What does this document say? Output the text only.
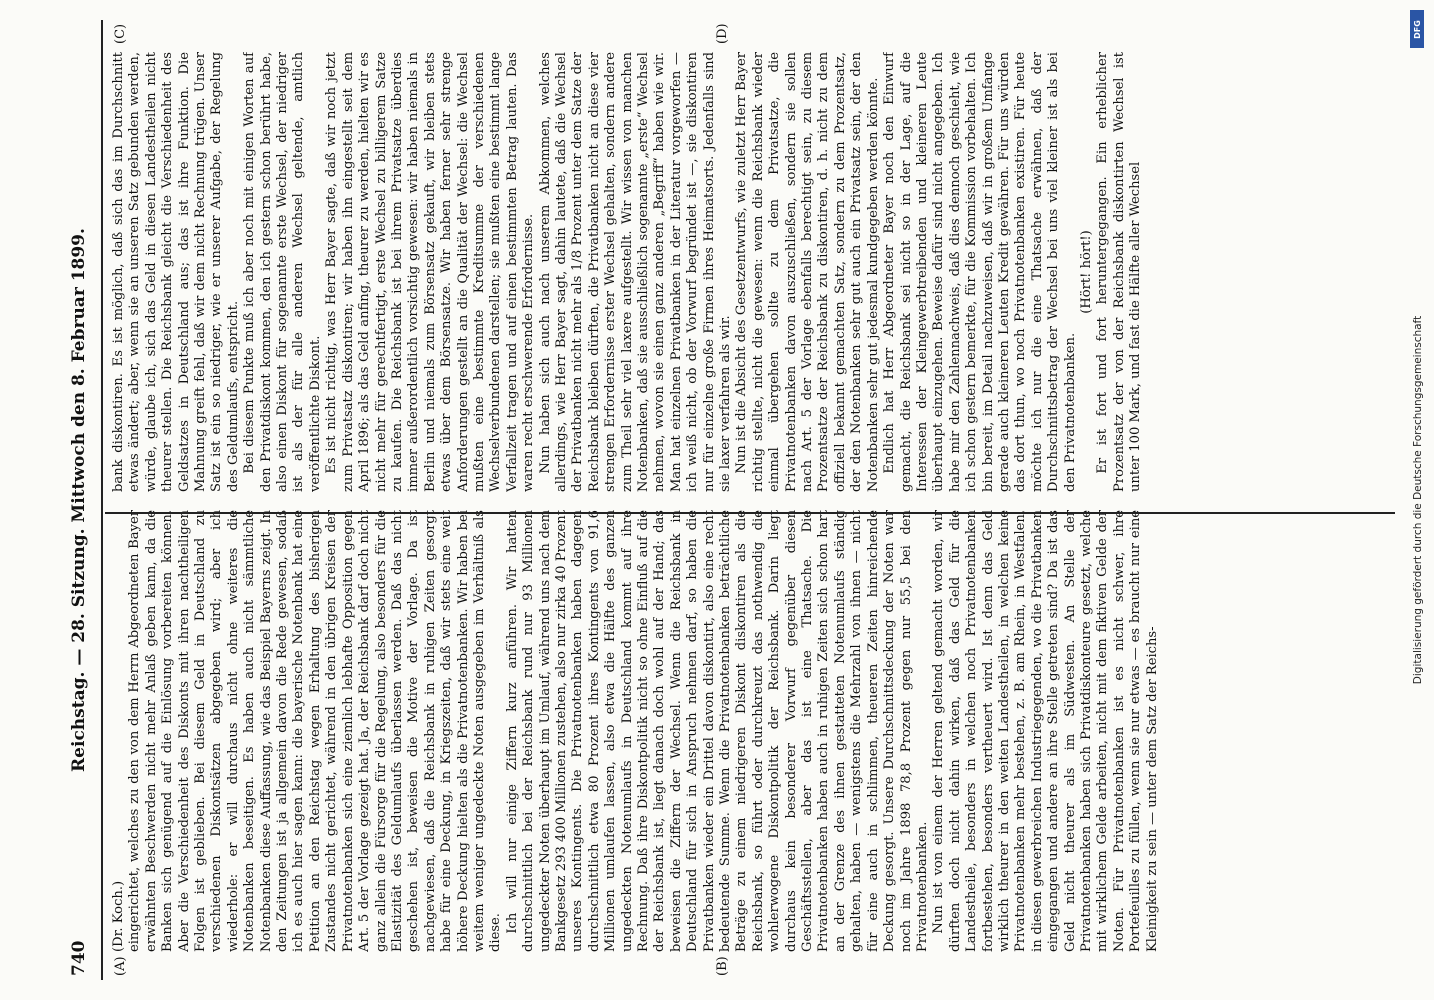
740
Reichstag. — 28. Sitzung. Mittwoch den 8. Februar 1899.
(A)	(B)
(C)	(D)

(Dr. Koch.) eingerichtet, welches zu den von dem Herrn Abgeordneten Bayer erwähnten Beschwerden nicht mehr Anlaß geben kann, da die Banken sich genügend auf die Einlösung vorbereiten können. Aber die Verschiedenheit des Diskonts mit ihren nachtheiligen Folgen ist geblieben. Bei diesem Geld in Deutschland zu verschiedenen Diskontsätzen abgegeben wird; aber ich wiederhole: er will durchaus nicht ohne weiteres die Notenbanken beseitigen. Es haben auch nicht sämmtliche Notenbanken diese Auffassung, wie das Beispiel Bayerns zeigt. In den Zeitungen ist ja allgemein davon die Rede gewesen, sodaß ich es auch hier sagen kann: die bayerische Notenbank hat eine Petition an den Reichstag wegen Erhaltung des bisherigen Zustandes nicht gerichtet, während in den übrigen Kreisen der Privatnotenbanken sich eine ziemlich lebhafte Opposition gegen Art. 5 der Vorlage gezeigt hat. Ja, der Reichsbank darf doch nicht ganz allein die Fürsorge für die Regelung, also besonders für die Elastizität des Geldumlaufs überlassen werden. Daß das nicht geschehen ist, beweisen die Motive der Vorlage. Da ist nachgewiesen, daß die Reichsbank in ruhigen Zeiten gesorgt habe für eine Deckung, in Kriegszeiten, daß wir stets eine weit höhere Deckung hielten als die Privatnotenbanken. Wir haben bei weitem weniger ungedeckte Noten ausgegeben im Verhältniß als diese. Ich will nur einige Ziffern kurz anführen. Wir hatten durchschnittlich bei der Reichsbank rund nur 93 Millionen ungedeckter Noten überhaupt im Umlauf, während uns nach dem Bankgesetz 293 400 Millionen zustehen, also nur zirka 40 Prozent unseres Kontingents. Die Privatnotenbanken haben dagegen durchschnittlich etwa 80 Prozent ihres Kontingents von 91,6 Millionen umlaufen lassen, also etwa die Hälfte des ganzen ungedeckten Notenumlaufs in Deutschland kommt auf ihre Rechnung. Daß ihre Diskontpolitik nicht so ohne Einfluß auf die der Reichsbank ist, liegt danach doch wohl auf der Hand; das beweisen die Ziffern der Wechsel. Wenn die Reichsbank in Deutschland für sich in Anspruch nehmen darf, so haben die Privatbanken wieder ein Drittel davon diskontirt, also eine recht bedeutende Summe. Wenn die Privatnotenbanken beträchtliche Beträge zu einem niedrigeren Diskont diskontiren als die Reichsbank, so führt oder durchkreuzt das nothwendig die wohlerwogene Diskontpolitik der Reichsbank. Darin liegt durchaus kein besonderer Vorwurf gegenüber diesen Geschäftsstellen, aber das ist eine Thatsache. Die Privatnotenbanken haben auch in ruhigen Zeiten sich schon hart an der Grenze des ihnen gestatteten Notenumlaufs ständig gehalten, haben — wenigstens die Mehrzahl von ihnen — nicht für eine auch in schlimmen, theueren Zeiten hinreichende Deckung gesorgt. Unsere Durchschnittsdeckung der Noten war noch im Jahre 1898 78,8 Prozent gegen nur 55,5 bei den Privatnotenbanken. Nun ist von einem der Herren geltend gemacht worden, wir dürften doch nicht dahin wirken, daß das Geld für die Landestheile, besonders in welchen noch Privatnotenbanken fortbestehen, besonders vertheuert wird. Ist denn das Geld wirklich theurer in den weiten Landestheilen, in welchen keine Privatnotenbanken mehr bestehen, z. B. am Rhein, in Westfalen, in diesen gewerbreichen Industriegegenden, wo die Privatbanken eingegangen und andere an ihre Stelle getreten sind? Da ist das Geld nicht theurer als im Südwesten. An Stelle der Privatnotenbanken haben sich Privatdiskonteure gesetzt, welche mit wirklichem Gelde arbeiten, nicht mit dem fiktiven Gelde der Noten. Für Privatnotenbanken ist es nicht schwer, ihre Portefeuilles zu füllen, wenn sie nur etwas — es braucht nur eine Kleinigkeit zu sein — unter dem Satz der Reichs-

bank diskontiren. Es ist möglich, daß sich das im Durchschnitt etwas ändert; aber, wenn sie an unseren Satz gebunden werden, würde, glaube ich, sich das Geld in diesen Landestheilen nicht theurer stellen. Die Reichsbank gleicht die Verschiedenheit des Geldsatzes in Deutschland aus; das ist ihre Funktion. Die Mahnung greift fehl, daß wir dem nicht Rechnung trügen. Unser Satz ist ein so niedriger, wie er unserer Aufgabe, der Regelung des Geldumlaufs, entspricht. Bei diesem Punkte muß ich aber noch mit einigen Worten auf den Privatdiskont kommen, den ich gestern schon berührt habe, also einen Diskont für sogenannte erste Wechsel, der niedriger ist als der für alle anderen Wechsel geltende, amtlich veröffentlichte Diskont. Es ist nicht richtig, was Herr Bayer sagte, daß wir noch jetzt zum Privatsatz diskontiren; wir haben ihn eingestellt seit dem April 1896; als das Geld anfing, theurer zu werden, hielten wir es nicht mehr für gerechtfertigt, erste Wechsel zu billigerem Satze zu kaufen. Die Reichsbank ist bei ihrem Privatsatze überdies immer außerordentlich vorsichtig gewesen: wir haben niemals in Berlin und niemals zum Börsensatz gekauft, wir bleiben stets etwas über dem Börsensatze. Wir haben ferner sehr strenge Anforderungen gestellt an die Qualität der Wechsel: die Wechsel mußten eine bestimmte Kreditsumme der verschiedenen Wechselverbundenen darstellen; sie mußten eine bestimmt lange Verfallzeit tragen und auf einen bestimmten Betrag lauten. Das waren recht erschwerende Erfordernisse. Nun haben sich auch nach unserem Abkommen, welches allerdings, wie Herr Bayer sagt, dahin lautete, daß die Wechsel der Privatbanken nicht mehr als 1/8 Prozent unter dem Satze der Reichsbank bleiben dürften, die Privatbanken nicht an diese vier strengen Erfordernisse erster Wechsel gehalten, sondern andere zum Theil sehr viel laxere aufgestellt. Wir wissen von manchen Notenbanken, daß sie ausschließlich sogenannte „erste“ Wechsel nehmen, wovon sie einen ganz anderen „Begriff“ haben wie wir. Man hat einzelnen Privatbanken in der Literatur vorgeworfen — ich weiß nicht, ob der Vorwurf begründet ist —, sie diskontiren nur für einzelne große Firmen ihres Heimatsorts. Jedenfalls sind sie laxer verfahren als wir. Nun ist die Absicht des Gesetzentwurfs, wie zuletzt Herr Bayer richtig stellte, nicht die gewesen: wenn die Reichsbank wieder einmal übergehen sollte zu dem Privatsatze, die Privatnotenbanken davon auszuschließen, sondern sie sollen nach Art. 5 der Vorlage ebenfalls berechtigt sein, zu diesem Prozentsatze der Reichsbank zu diskontiren, d. h. nicht zu dem offiziell bekannt gemachten Satz, sondern zu dem Prozentsatz, der den Notenbanken sehr gut auch ein Privatsatz sein, der den Notenbanken sehr gut jedesmal kundgegeben werden könnte. Endlich hat Herr Abgeordneter Bayer noch den Einwurf gemacht, die Reichsbank sei nicht so in der Lage, auf die Interessen der Kleingewerbtreibenden und kleineren Leute überhaupt einzugehen. Beweise dafür sind nicht angegeben. Ich habe mir den Zahlennachweis, daß dies dennoch geschieht, wie ich schon gestern bemerkte, für die Kommission vorbehalten. Ich bin bereit, im Detail nachzuweisen, daß wir in großem Umfange gerade auch kleineren Leuten Kredit gewähren. Für uns würden das dort thun, wo noch Privatnotenbanken existiren. Für heute möchte ich nur die eine Thatsache erwähnen, daß der Durchschnittsbetrag der Wechsel bei uns viel kleiner ist als bei den Privatnotenbanken.

(Hört! hört!) Er ist fort und fort heruntergegangen. Ein erheblicher Prozentsatz der von der Reichsbank diskontirten Wechsel ist unter 100 Mark, und fast die Hälfte aller Wechsel

DFG
Digitalisierung gefördert durch die Deutsche Forschungsgemeinschaft
